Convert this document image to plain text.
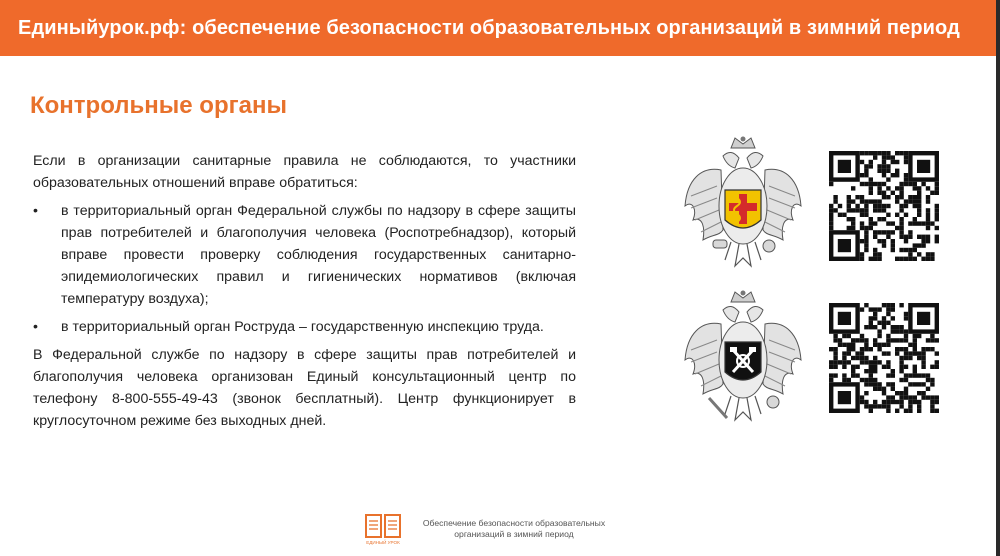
Единыйурок.рф: обеспечение безопасности образовательных организаций в зимний период
Контрольные органы

Если в организации санитарные правила не соблюдаются, то участники образовательных отношений вправе обратиться:

• в территориальный орган Федеральной службы по надзору в сфере защиты прав потребителей и благополучия человека (Роспотребнадзор), который вправе провести проверку соблюдения государственных санитарно-эпидемиологических правил и гигиенических нормативов (включая температуру воздуха);
• в территориальный орган Роструда – государственную инспекцию труда.

В Федеральной службе по надзору в сфере защиты прав потребителей и благополучия человека организован Единый консультационный центр по телефону 8-800-555-49-43 (звонок бесплатный). Центр функционирует в круглосуточном режиме без выходных дней.

ЕДИНЫЙ УРОК
Обеспечение безопасности образовательных
организаций в зимний период
